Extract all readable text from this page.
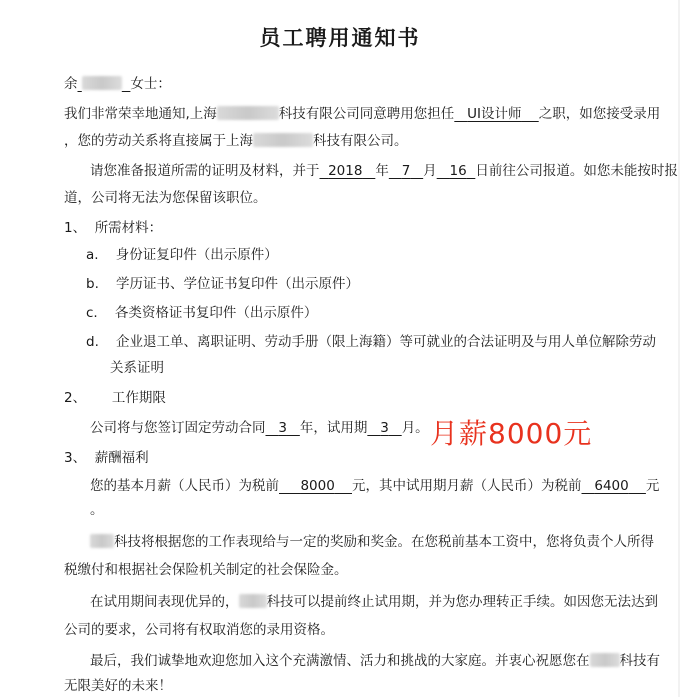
员工聘用通知书
余	女士：
我们非常荣幸地通知,上海	科技有限公司同意聘用您担任 UI设计师 之职，如您接受录用
，您的劳动关系将直接属于上海	科技有限公司。
请您准备报道所需的证明及材料，并于 2018 年 7 月 16 日前往公司报道。如您未能按时报
道，公司将无法为您保留该职位。
1、 所需材料：
a. 身份证复印件（出示原件）
b. 学历证书、学位证书复印件（出示原件）
c. 各类资格证书复印件（出示原件）
d. 企业退工单、离职证明、劳动手册（限上海籍）等可就业的合法证明及与用人单位解除劳动
关系证明
2、 工作期限
公司将与您签订固定劳动合同 3 年，试用期 3 月。 月薪8000元
3、 薪酬福利
您的基本月薪（人民币）为税前 8000 元，其中试用期月薪（人民币）为税前 6400 元
。
科技将根据您的工作表现给与一定的奖励和奖金。在您税前基本工资中，您将负责个人所得
税缴付和根据社会保险机关制定的社会保险金。
在试用期间表现优异的， 科技可以提前终止试用期，并为您办理转正手续。如因您无法达到
公司的要求，公司将有权取消您的录用资格。
最后，我们诚挚地欢迎您加入这个充满激情、活力和挑战的大家庭。并衷心祝愿您在 科技有
无限美好的未来！
